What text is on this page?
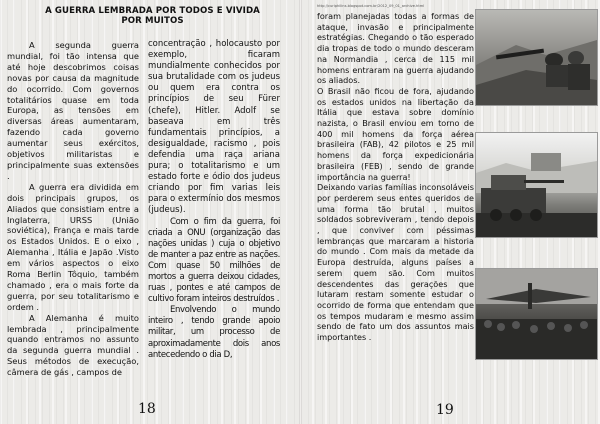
A GUERRA LEMBRADA POR TODOS E VIVIDA
POR MUITOS

A segunda guerra mundial, foi tão intensa que até hoje descobrimos coisas novas por causa da magnitude do ocorrido. Com governos totalitários quase em toda Europa, as tensões em diversas áreas aumentaram, fazendo cada governo aumentar seus exércitos, objetivos militaristas e principalmente suas extensões .

A guerra era dividida em dois principais grupos, os Aliados que consistiam entre a Inglaterra, URSS (União soviética), França e mais tarde os Estados Unidos. E o eixo , Alemanha , Itália e Japão .Visto em vários aspectos o eixo Roma Berlin Tôquio, também chamado , era o mais forte da guerra, por seu totalitarismo e ordem .

A Alemanha é muito lembrada , principalmente quando entramos no assunto da segunda guerra mundial . Seus métodos de execução, câmera de gás , campos de

concentração , holocausto por exemplo, ficaram mundialmente conhecidos por sua brutalidade com os judeus ou quem era contra os princípios de seu Fürer (chefe), Hitler. Adolf se baseava em três fundamentais princípios, a desigualdade, racismo , pois defendia uma raça ariana pura; o totalitarismo e um estado forte e ódio dos judeus criando por fim varias leis para o extermínio dos mesmos (judeus).

Com o fim da guerra, foi criada a ONU (organização das nações unidas ) cuja o objetivo de manter a paz entre as nações. Com quase 50 milhões de mortos a guerra deixou cidades, ruas , pontes e até campos de cultivo foram inteiros destruídos .

Envolvendo o mundo inteiro , tendo grande apoio militar, um processo de aproximadamente dois anos antecedendo o dia D,

18
http://curiphilins.blogspot.com.br/2012_09_01_archive.html

foram planejadas todas a formas de ataque, invasão e principalmente estratégias. Chegando o tão esperado dia tropas de todo o mundo desceram na Normandia , cerca de 115 mil homens entraram na guerra ajudando os aliados.

O Brasil não ficou de fora, ajudando os estados unidos na libertação da Itália que estava sobre domínio nazista, o Brasil enviou em torno de 400 mil homens da força aérea brasileira (FAB), 42 pilotos e 25 mil homens da força expedicionária brasileira (FEB) , sendo de grande importância na guerra!

Deixando varias famílias inconsoláveis por perderem seus entes queridos de uma forma tão brutal , muitos soldados sobreviveram , tendo depois , que conviver com péssimas lembranças que marcaram a historia do mundo . Com mais da metade da Europa destruída, alguns países a serem quem são. Com muitos descendentes das gerações que lutaram restam somente estudar o ocorrido de forma que entendam que os tempos mudaram e mesmo assim sendo de fato um dos assuntos mais importantes .

19
